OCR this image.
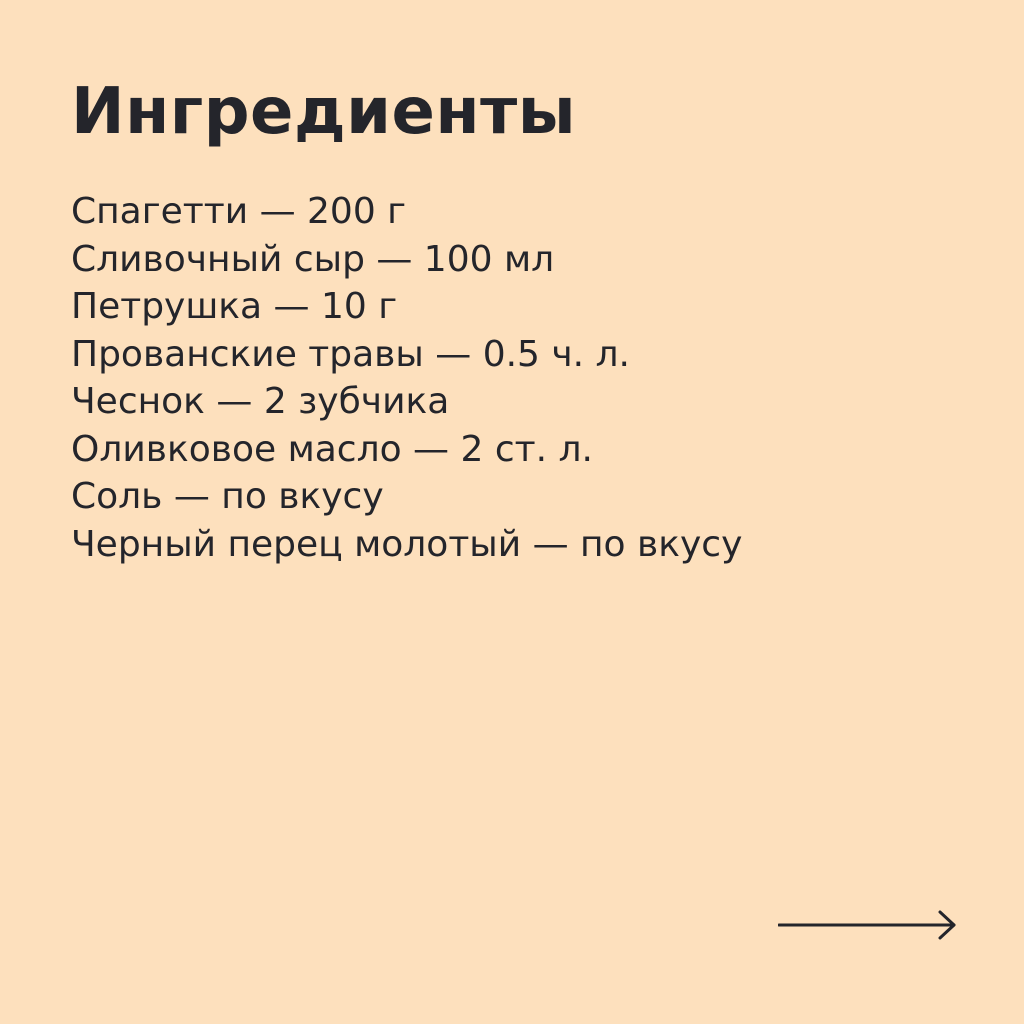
Ингредиенты
Спагетти — 200 г
Сливочный сыр — 100 мл
Петрушка — 10 г
Прованские травы — 0.5 ч. л.
Чеснок — 2 зубчика
Оливковое масло — 2 ст. л.
Соль — по вкусу
Черный перец молотый — по вкусу
